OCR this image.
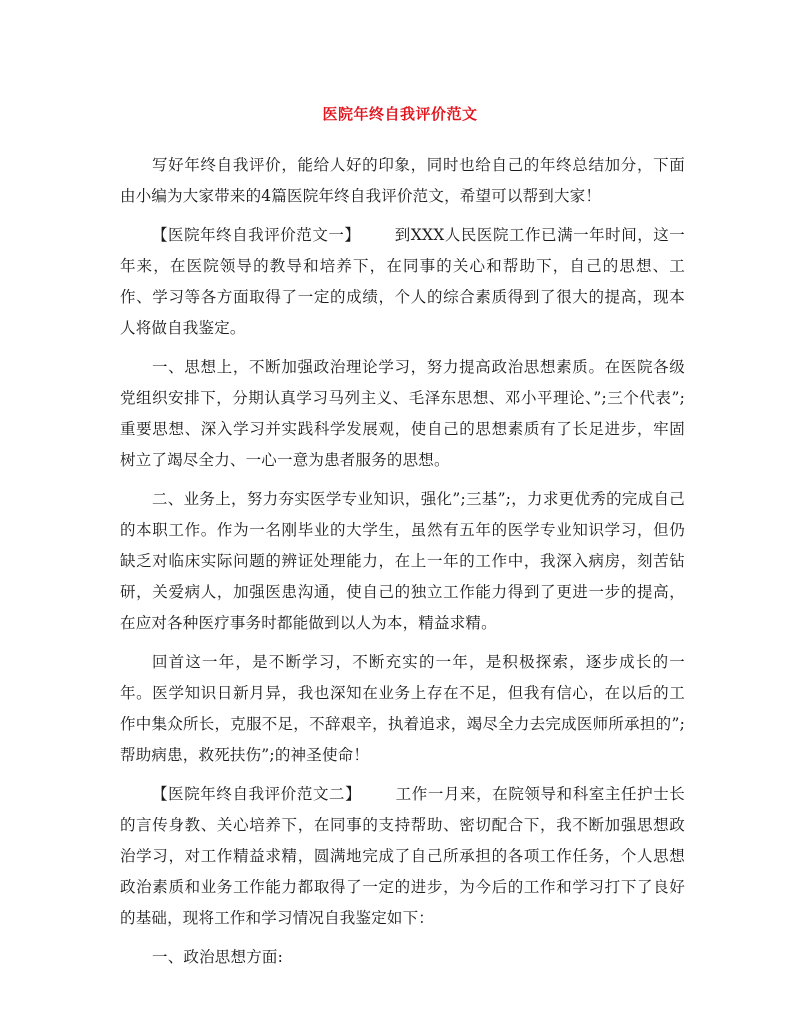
医院年终自我评价范文

写好年终自我评价，能给人好的印象，同时也给自己的年终总结加分，下面由小编为大家带来的4篇医院年终自我评价范文，希望可以帮到大家！

【医院年终自我评价范文一】 到XXX人民医院工作已满一年时间，这一年来，在医院领导的教导和培养下，在同事的关心和帮助下，自己的思想、工作、学习等各方面取得了一定的成绩，个人的综合素质得到了很大的提高，现本人将做自我鉴定。

一、思想上，不断加强政治理论学习，努力提高政治思想素质。在医院各级党组织安排下，分期认真学习马列主义、毛泽东思想、邓小平理论、”;三个代表”;重要思想、深入学习并实践科学发展观，使自己的思想素质有了长足进步，牢固树立了竭尽全力、一心一意为患者服务的思想。

二、业务上，努力夯实医学专业知识，强化”;三基”;，力求更优秀的完成自己的本职工作。作为一名刚毕业的大学生，虽然有五年的医学专业知识学习，但仍缺乏对临床实际问题的辨证处理能力，在上一年的工作中，我深入病房，刻苦钻研，关爱病人，加强医患沟通，使自己的独立工作能力得到了更进一步的提高，在应对各种医疗事务时都能做到以人为本，精益求精。

回首这一年，是不断学习，不断充实的一年，是积极探索，逐步成长的一年。医学知识日新月异，我也深知在业务上存在不足，但我有信心，在以后的工作中集众所长，克服不足，不辞艰辛，执着追求，竭尽全力去完成医师所承担的”;帮助病患，救死扶伤”;的神圣使命！

【医院年终自我评价范文二】 工作一月来，在院领导和科室主任护士长的言传身教、关心培养下，在同事的支持帮助、密切配合下，我不断加强思想政治学习，对工作精益求精，圆满地完成了自己所承担的各项工作任务，个人思想政治素质和业务工作能力都取得了一定的进步，为今后的工作和学习打下了良好的基础，现将工作和学习情况自我鉴定如下：

一、政治思想方面:
